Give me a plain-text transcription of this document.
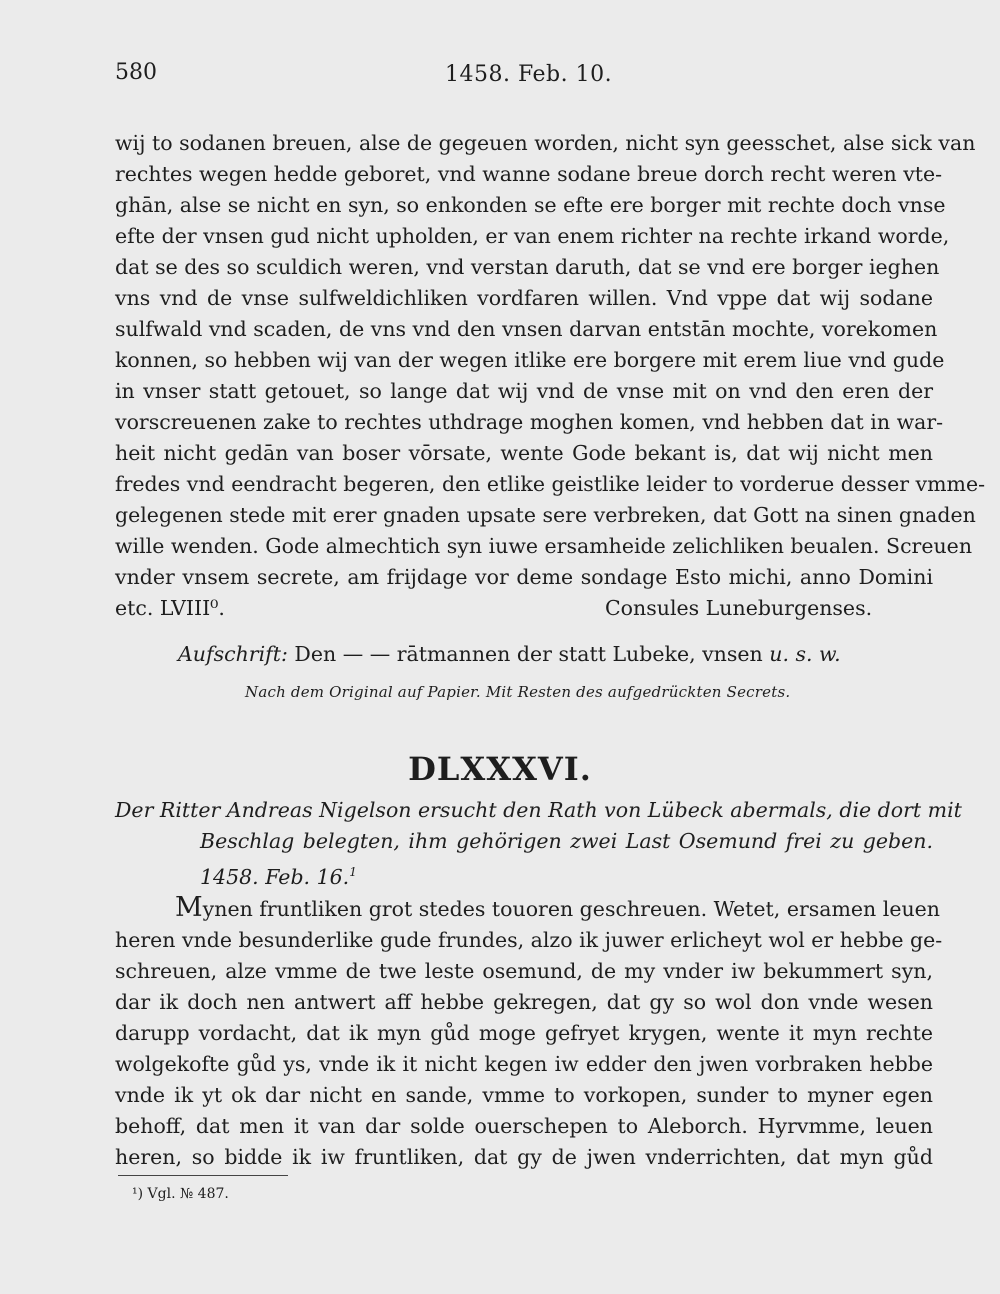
580	1458. Feb. 10.
wij to sodanen breuen, alse de gegeuen worden, nicht syn geesschet, alse sick van
rechtes wegen hedde geboret, vnd wanne sodane breue dorch recht weren vte-
ghān, alse se nicht en syn, so enkonden se efte ere borger mit rechte doch vnse
efte der vnsen gud nicht upholden, er van enem richter na rechte irkand worde,
dat se des so sculdich weren, vnd verstan daruth, dat se vnd ere borger ieghen
vns vnd de vnse sulfweldichliken vordfaren willen. Vnd vppe dat wij sodane
sulfwald vnd scaden, de vns vnd den vnsen darvan entstān mochte, vorekomen
konnen, so hebben wij van der wegen itlike ere borgere mit erem liue vnd gude
in vnser statt getouet, so lange dat wij vnd de vnse mit on vnd den eren der
vorscreuenen zake to rechtes uthdrage moghen komen, vnd hebben dat in war-
heit nicht gedān van boser vōrsate, wente Gode bekant is, dat wij nicht men
fredes vnd eendracht begeren, den etlike geistlike leider to vorderue desser vmme-
gelegenen stede mit erer gnaden upsate sere verbreken, dat Gott na sinen gnaden
wille wenden. Gode almechtich syn iuwe ersamheide zelichliken beualen. Screuen
vnder vnsem secrete, am frijdage vor deme sondage Esto michi, anno Domini
etc. LVIII⁰.	Consules Luneburgenses.
Aufschrift: Den — — rātmannen der statt Lubeke, vnsen u. s. w.
Nach dem Original auf Papier. Mit Resten des aufgedrückten Secrets.
DLXXXVI.
Der Ritter Andreas Nigelson ersucht den Rath von Lübeck abermals, die dort mit
Beschlag belegten, ihm gehörigen zwei Last Osemund frei zu geben.
1458. Feb. 16.$^1$
Mynen fruntliken grot stedes touoren geschreuen. Wetet, ersamen leuen
heren vnde besunderlike gude frundes, alzo ik juwer erlicheyt wol er hebbe ge-
schreuen, alze vmme de twe leste osemund, de my vnder iw bekummert syn,
dar ik doch nen antwert aff hebbe gekregen, dat gy so wol don vnde wesen
darupp vordacht, dat ik myn gůd moge gefryet krygen, wente it myn rechte
wolgekofte gůd ys, vnde ik it nicht kegen iw edder den jwen vorbraken hebbe
vnde ik yt ok dar nicht en sande, vmme to vorkopen, sunder to myner egen
behoff, dat men it van dar solde ouerschepen to Aleborch. Hyrvmme, leuen
heren, so bidde ik iw fruntliken, dat gy de jwen vnderrichten, dat myn gůd
¹) Vgl. № 487.
